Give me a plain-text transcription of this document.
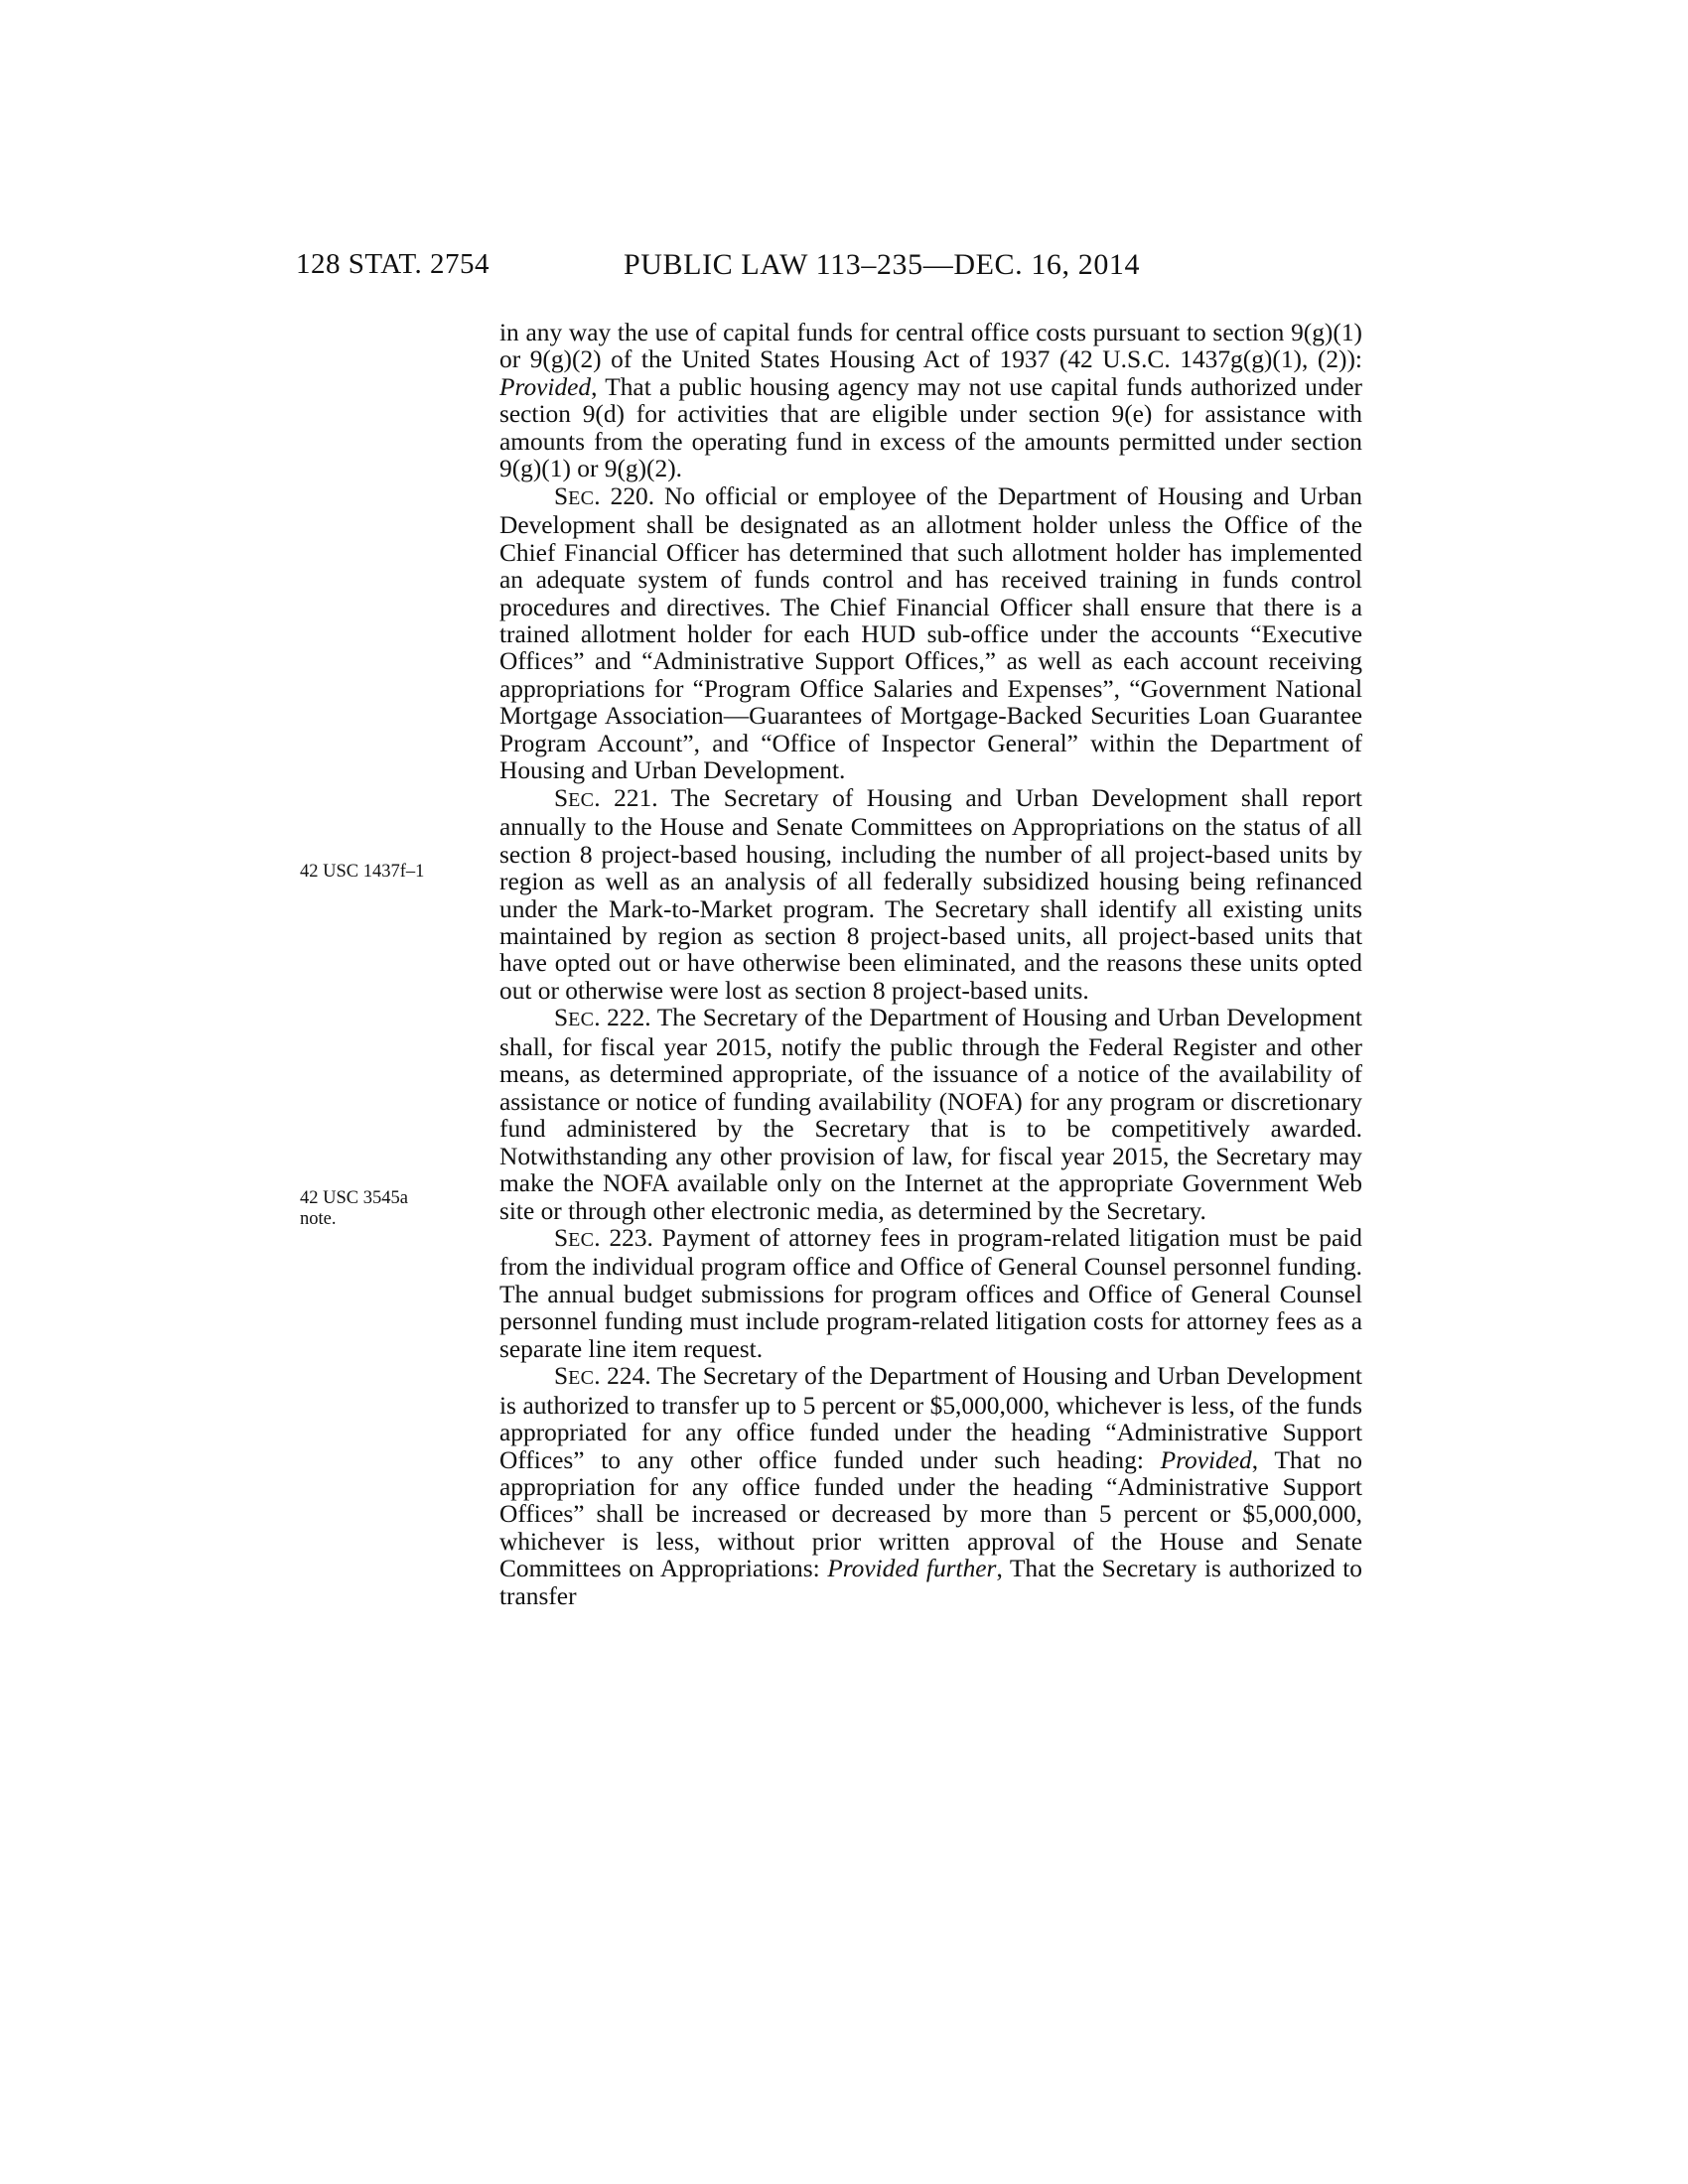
128 STAT. 2754	PUBLIC LAW 113–235—DEC. 16, 2014
42 USC 1437f–1
42 USC 3545a
note.

in any way the use of capital funds for central office costs pursuant to section 9(g)(1) or 9(g)(2) of the United States Housing Act of 1937 (42 U.S.C. 1437g(g)(1), (2)): Provided, That a public housing agency may not use capital funds authorized under section 9(d) for activities that are eligible under section 9(e) for assistance with amounts from the operating fund in excess of the amounts permitted under section 9(g)(1) or 9(g)(2).

SEC. 220. No official or employee of the Department of Housing and Urban Development shall be designated as an allotment holder unless the Office of the Chief Financial Officer has determined that such allotment holder has implemented an adequate system of funds control and has received training in funds control procedures and directives. The Chief Financial Officer shall ensure that there is a trained allotment holder for each HUD sub-office under the accounts “Executive Offices” and “Administrative Support Offices,” as well as each account receiving appropriations for “Program Office Salaries and Expenses”, “Government National Mortgage Association—Guarantees of Mortgage-Backed Securities Loan Guarantee Program Account”, and “Office of Inspector General” within the Department of Housing and Urban Development.

SEC. 221. The Secretary of Housing and Urban Development shall report annually to the House and Senate Committees on Appropriations on the status of all section 8 project-based housing, including the number of all project-based units by region as well as an analysis of all federally subsidized housing being refinanced under the Mark-to-Market program. The Secretary shall identify all existing units maintained by region as section 8 project-based units, all project-based units that have opted out or have otherwise been eliminated, and the reasons these units opted out or otherwise were lost as section 8 project-based units.

SEC. 222. The Secretary of the Department of Housing and Urban Development shall, for fiscal year 2015, notify the public through the Federal Register and other means, as determined appropriate, of the issuance of a notice of the availability of assistance or notice of funding availability (NOFA) for any program or discretionary fund administered by the Secretary that is to be competitively awarded. Notwithstanding any other provision of law, for fiscal year 2015, the Secretary may make the NOFA available only on the Internet at the appropriate Government Web site or through other electronic media, as determined by the Secretary.

SEC. 223. Payment of attorney fees in program-related litigation must be paid from the individual program office and Office of General Counsel personnel funding. The annual budget submissions for program offices and Office of General Counsel personnel funding must include program-related litigation costs for attorney fees as a separate line item request.

SEC. 224. The Secretary of the Department of Housing and Urban Development is authorized to transfer up to 5 percent or $5,000,000, whichever is less, of the funds appropriated for any office funded under the heading “Administrative Support Offices” to any other office funded under such heading: Provided, That no appropriation for any office funded under the heading “Administrative Support Offices” shall be increased or decreased by more than 5 percent or $5,000,000, whichever is less, without prior written approval of the House and Senate Committees on Appropriations: Provided further, That the Secretary is authorized to transfer
